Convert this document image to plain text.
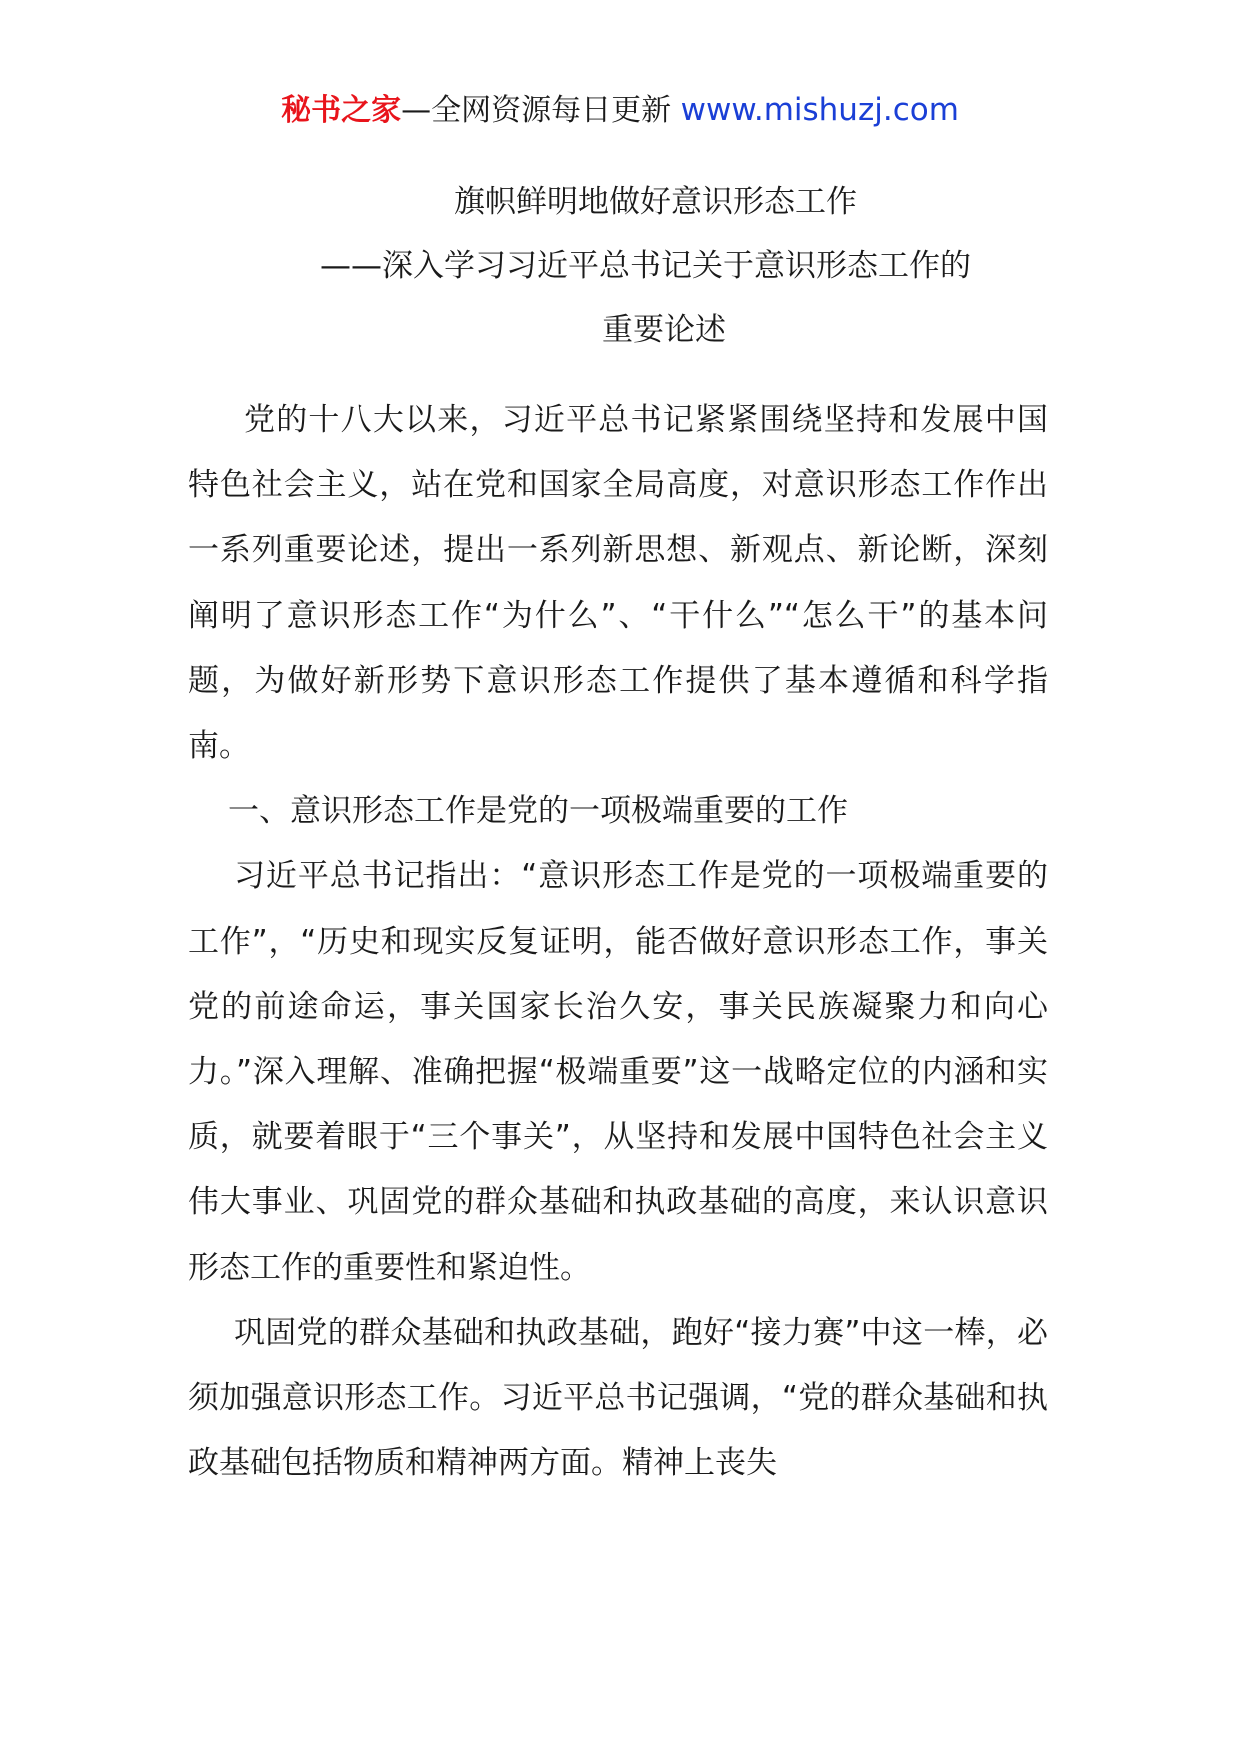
秘书之家—全网资源每日更新 www.mishuzj.com
旗帜鲜明地做好意识形态工作
——深入学习习近平总书记关于意识形态工作的
重要论述

党的十八大以来，习近平总书记紧紧围绕坚持和发展中国特色社会主义，站在党和国家全局高度，对意识形态工作作出一系列重要论述，提出一系列新思想、新观点、新论断，深刻阐明了意识形态工作“为什么”、“干什么”“怎么干”的基本问题，为做好新形势下意识形态工作提供了基本遵循和科学指南。

一、意识形态工作是党的一项极端重要的工作

习近平总书记指出：“意识形态工作是党的一项极端重要的工作”，“历史和现实反复证明，能否做好意识形态工作，事关党的前途命运，事关国家长治久安，事关民族凝聚力和向心力。”深入理解、准确把握“极端重要”这一战略定位的内涵和实质，就要着眼于“三个事关”，从坚持和发展中国特色社会主义伟大事业、巩固党的群众基础和执政基础的高度，来认识意识形态工作的重要性和紧迫性。

巩固党的群众基础和执政基础，跑好“接力赛”中这一棒，必须加强意识形态工作。习近平总书记强调，“党的群众基础和执政基础包括物质和精神两方面。精神上丧失
